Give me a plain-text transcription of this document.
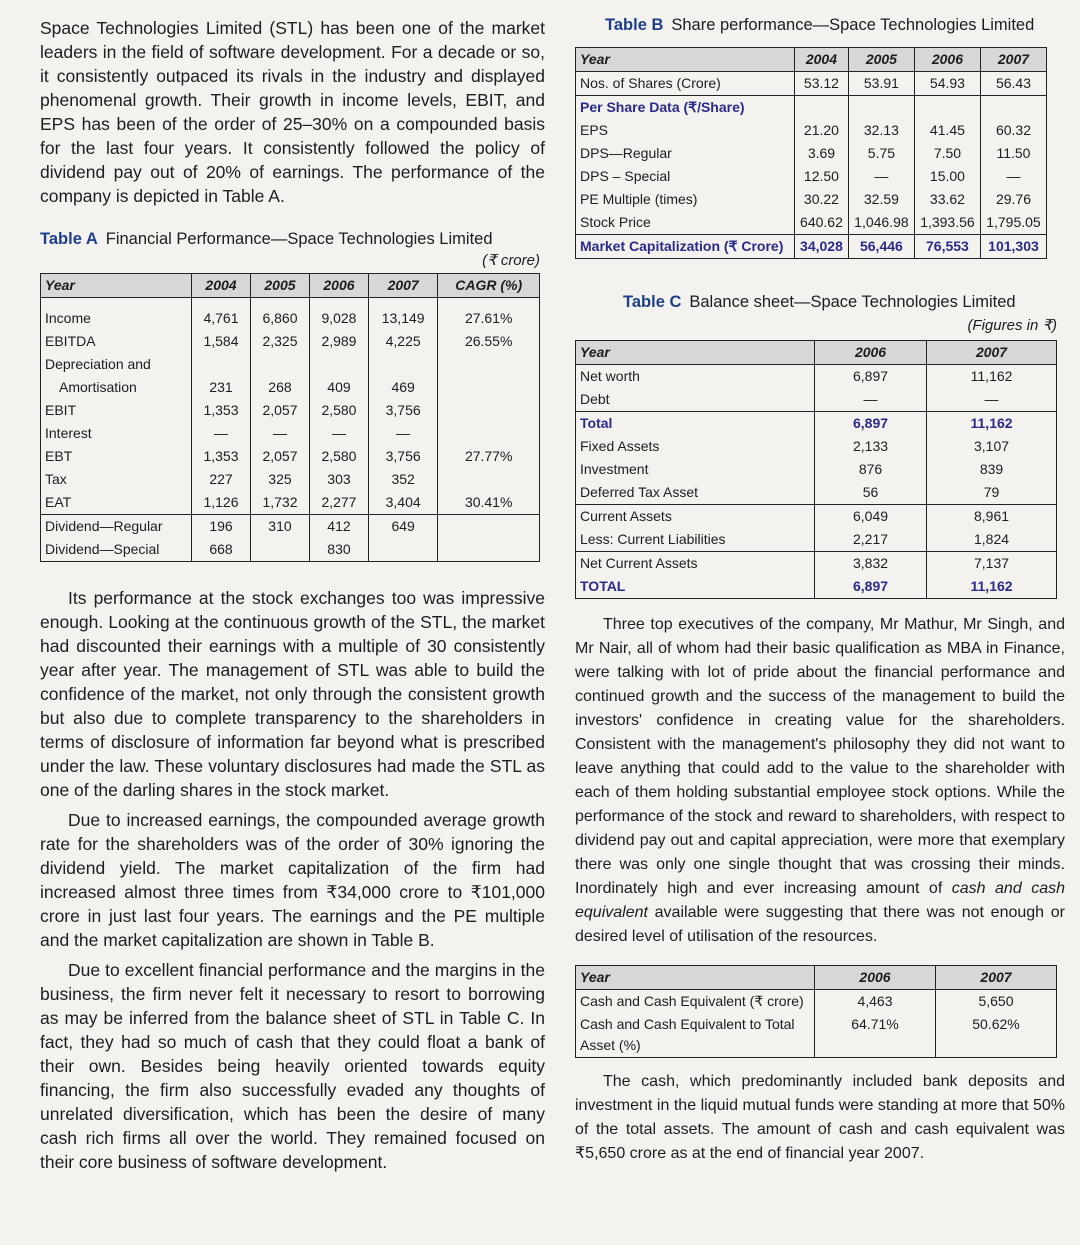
Space Technologies Limited (STL) has been one of the market leaders in the field of software development. For a decade or so, it consistently outpaced its rivals in the industry and displayed phenomenal growth. Their growth in income levels, EBIT, and EPS has been of the order of 25–30% on a compounded basis for the last four years. It consistently followed the policy of dividend pay out of 20% of earnings. The performance of the company is depicted in Table A.

Table A Financial Performance—Space Technologies Limited

(₹ crore)
Year	2004	2005	2006	2007	CAGR (%)
Income	4,761	6,860	9,028	13,149	27.61%
EBITDA	1,584	2,325	2,989	4,225	26.55%
Depreciation and					
Amortisation	231	268	409	469	
EBIT	1,353	2,057	2,580	3,756	
Interest	—	—	—	—	
EBT	1,353	2,057	2,580	3,756	27.77%
Tax	227	325	303	352	
EAT	1,126	1,732	2,277	3,404	30.41%
Dividend—Regular	196	310	412	649	
Dividend—Special	668		830		

Its performance at the stock exchanges too was impressive enough. Looking at the continuous growth of the STL, the market had discounted their earnings with a multiple of 30 consistently year after year. The management of STL was able to build the confidence of the market, not only through the consistent growth but also due to complete transparency to the shareholders in terms of disclosure of information far beyond what is prescribed under the law. These voluntary disclosures had made the STL as one of the darling shares in the stock market.

Due to increased earnings, the compounded average growth rate for the shareholders was of the order of 30% ignoring the dividend yield. The market capitalization of the firm had increased almost three times from ₹34,000 crore to ₹101,000 crore in just last four years. The earnings and the PE multiple and the market capitalization are shown in Table B.

Due to excellent financial performance and the margins in the business, the firm never felt it necessary to resort to borrowing as may be inferred from the balance sheet of STL in Table C. In fact, they had so much of cash that they could float a bank of their own. Besides being heavily oriented towards equity financing, the firm also successfully evaded any thoughts of unrelated diversification, which has been the desire of many cash rich firms all over the world. They remained focused on their core business of software development.

Table B Share performance—Space Technologies Limited

Year	2004	2005	2006	2007
Nos. of Shares (Crore)	53.12	53.91	54.93	56.43
Per Share Data (₹/Share)				
EPS	21.20	32.13	41.45	60.32
DPS—Regular	3.69	5.75	7.50	11.50
DPS – Special	12.50	—	15.00	—
PE Multiple (times)	30.22	32.59	33.62	29.76
Stock Price	640.62	1,046.98	1,393.56	1,795.05
Market Capitalization (₹ Crore)	34,028	56,446	76,553	101,303

Table C Balance sheet—Space Technologies Limited

(Figures in ₹)
Year	2006	2007
Net worth	6,897	11,162
Debt	—	—
Total	6,897	11,162
Fixed Assets	2,133	3,107
Investment	876	839
Deferred Tax Asset	56	79
Current Assets	6,049	8,961
Less: Current Liabilities	2,217	1,824
Net Current Assets	3,832	7,137
TOTAL	6,897	11,162

Three top executives of the company, Mr Mathur, Mr Singh, and Mr Nair, all of whom had their basic qualification as MBA in Finance, were talking with lot of pride about the financial performance and continued growth and the success of the management to build the investors' confidence in creating value for the shareholders. Consistent with the management's philosophy they did not want to leave anything that could add to the value to the shareholder with each of them holding substantial employee stock options. While the performance of the stock and reward to shareholders, with respect to dividend pay out and capital appreciation, were more that exemplary there was only one single thought that was crossing their minds. Inordinately high and ever increasing amount of cash and cash equivalent available were suggesting that there was not enough or desired level of utilisation of the resources.

Year	2006	2007
Cash and Cash Equivalent (₹ crore)	4,463	5,650
Cash and Cash Equivalent to Total Asset (%)	64.71%	50.62%

The cash, which predominantly included bank deposits and investment in the liquid mutual funds were standing at more that 50% of the total assets. The amount of cash and cash equivalent was ₹5,650 crore as at the end of financial year 2007.
